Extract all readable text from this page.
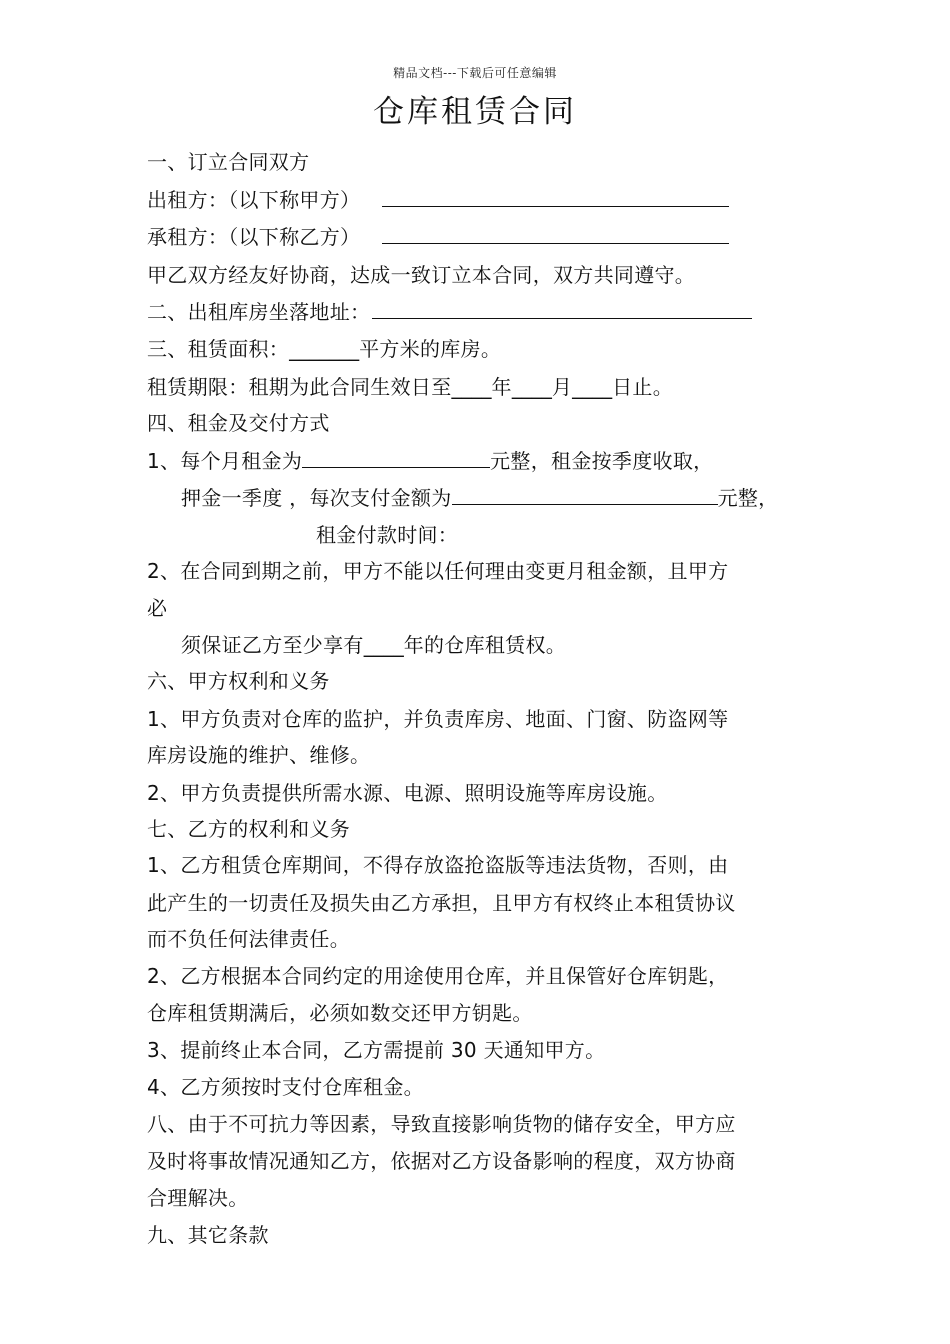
精品文档---下载后可任意编辑
仓库租赁合同
一、订立合同双方
出租方：（以下称甲方）
承租方：（以下称乙方）
甲乙双方经友好协商，达成一致订立本合同，双方共同遵守。
二、出租库房坐落地址：
三、租赁面积：_______平方米的库房。
租赁期限：租期为此合同生效日至____年____月____日止。
四、租金及交付方式
1、每个月租金为	元整，租金按季度收取，
押金一季度 ，每次支付金额为	元整，
租金付款时间：
2、在合同到期之前，甲方不能以任何理由变更月租金额，且甲方
必
须保证乙方至少享有____年的仓库租赁权。
六、甲方权利和义务
1、甲方负责对仓库的监护，并负责库房、地面、门窗、防盗网等
库房设施的维护、维修。
2、甲方负责提供所需水源、电源、照明设施等库房设施。
七、乙方的权利和义务
1、乙方租赁仓库期间，不得存放盗抢盗版等违法货物，否则，由
此产生的一切责任及损失由乙方承担，且甲方有权终止本租赁协议
而不负任何法律责任。
2、乙方根据本合同约定的用途使用仓库，并且保管好仓库钥匙，
仓库租赁期满后，必须如数交还甲方钥匙。
3、提前终止本合同，乙方需提前 30 天通知甲方。
4、乙方须按时支付仓库租金。
八、由于不可抗力等因素，导致直接影响货物的储存安全，甲方应
及时将事故情况通知乙方，依据对乙方设备影响的程度，双方协商
合理解决。
九、其它条款
